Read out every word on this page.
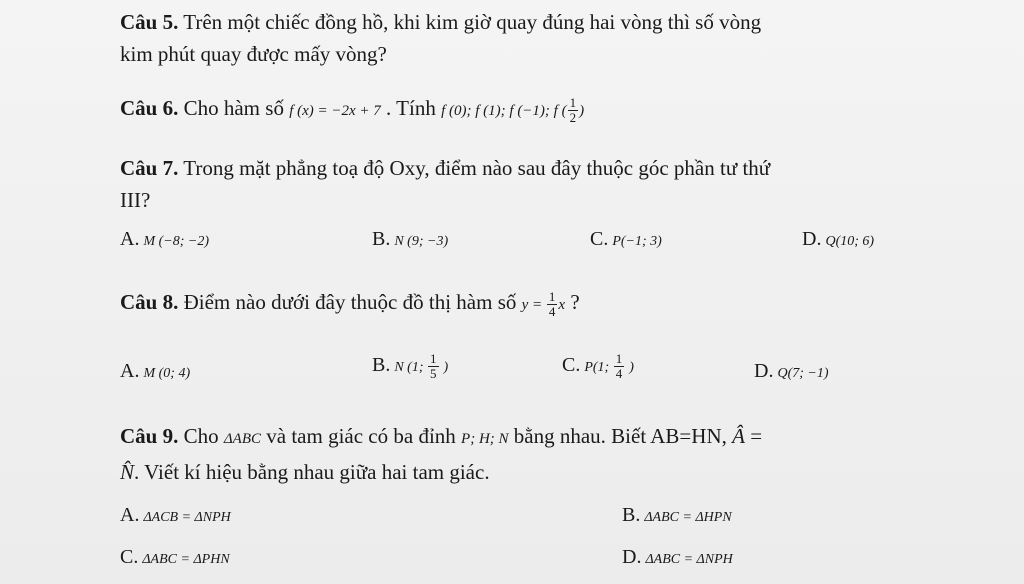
Câu 5. Trên một chiếc đồng hồ, khi kim giờ quay đúng hai vòng thì số vòng
kim phút quay được mấy vòng?
Câu 6. Cho hàm số f (x) = −2x + 7 . Tính f (0); f (1); f (−1); f ( $\frac{1}{2}$ )
Câu 7. Trong mặt phẳng toạ độ Oxy, điểm nào sau đây thuộc góc phần tư thứ
III?
A. M (−8; −2)	B. N (9; −3)	C. P(−1; 3)	D. Q(10; 6)
Câu 8. Điểm nào dưới đây thuộc đồ thị hàm số $y = \frac{1}{4}$ x ?
A. M (0; 4)	B. N (1; $\frac{1}{5}$ )	C. P(1; $\frac{1}{4}$ )	D. Q(7; −1)
Câu 9. Cho ΔABC và tam giác có ba đỉnh P; H; N bằng nhau. Biết AB=HN, Â =
N̂. Viết kí hiệu bằng nhau giữa hai tam giác.
A. ΔACB = ΔNPH	B. ΔABC = ΔHPN
C. ΔABC = ΔPHN	D. ΔABC = ΔNPH
